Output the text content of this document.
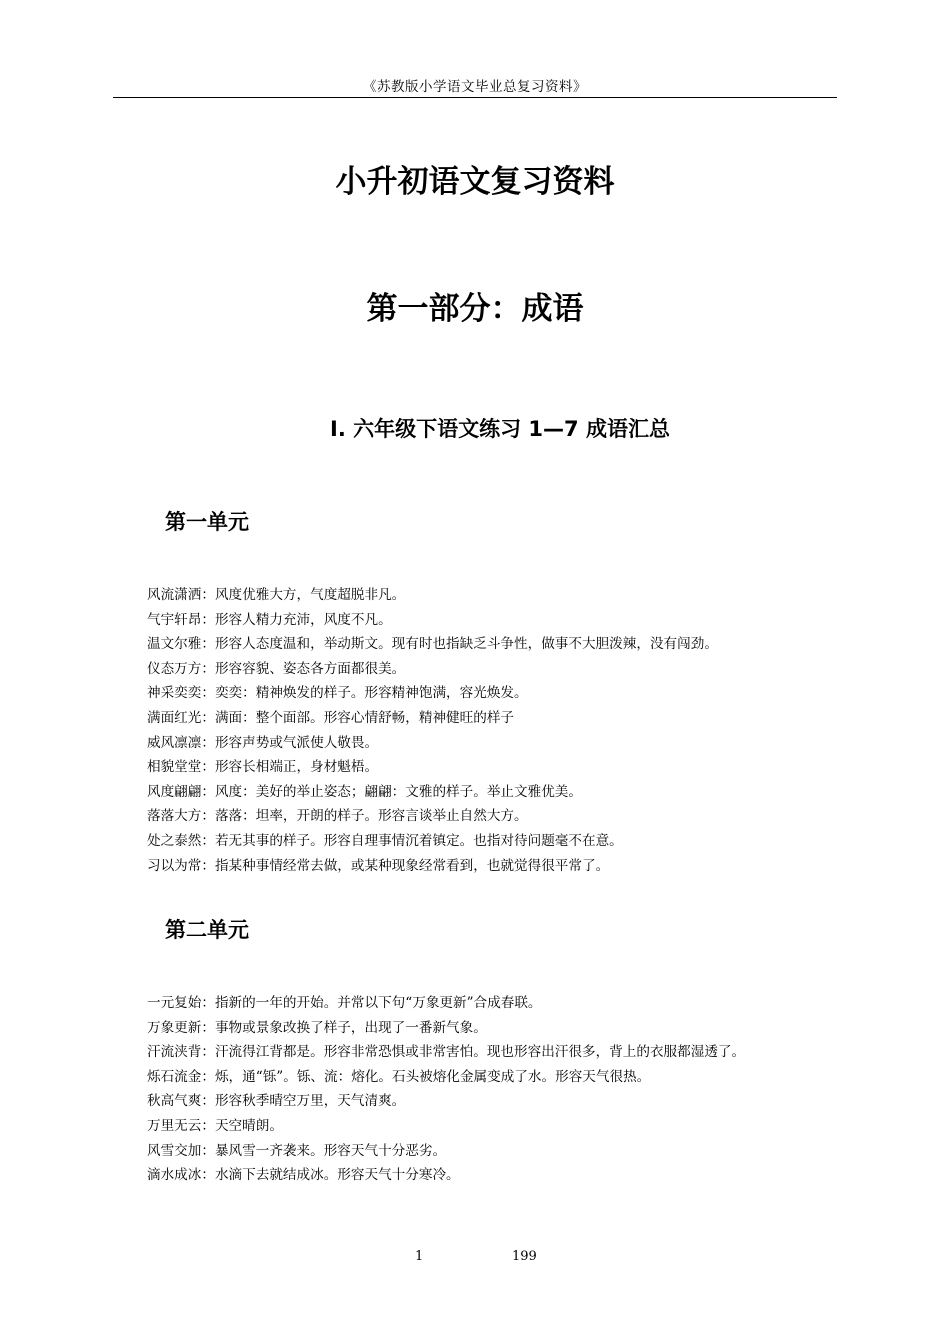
《苏教版小学语文毕业总复习资料》
小升初语文复习资料
第一部分：成语
I. 六年级下语文练习 1—7 成语汇总
第一单元

风流潇洒：风度优雅大方，气度超脱非凡。

气宇轩昂：形容人精力充沛，风度不凡。

温文尔雅：形容人态度温和，举动斯文。现有时也指缺乏斗争性，做事不大胆泼辣，没有闯劲。

仪态万方：形容容貌、姿态各方面都很美。

神采奕奕：奕奕：精神焕发的样子。形容精神饱满，容光焕发。

满面红光：满面：整个面部。形容心情舒畅，精神健旺的样子

威风凛凛：形容声势或气派使人敬畏。

相貌堂堂：形容长相端正，身材魁梧。

风度翩翩：风度：美好的举止姿态；翩翩：文雅的样子。举止文雅优美。

落落大方：落落：坦率，开朗的样子。形容言谈举止自然大方。

处之泰然：若无其事的样子。形容自理事情沉着镇定。也指对待问题毫不在意。

习以为常：指某种事情经常去做，或某种现象经常看到，也就觉得很平常了。

第二单元

一元复始：指新的一年的开始。并常以下句“万象更新”合成春联。

万象更新：事物或景象改换了样子，出现了一番新气象。

汗流浃背：汗流得江背都是。形容非常恐惧或非常害怕。现也形容出汗很多，背上的衣服都湿透了。

烁石流金：烁，通“铄”。铄、流：熔化。石头被熔化金属变成了水。形容天气很热。

秋高气爽：形容秋季晴空万里，天气清爽。

万里无云：天空晴朗。

风雪交加：暴风雪一齐袭来。形容天气十分恶劣。

滴水成冰：水滴下去就结成冰。形容天气十分寒冷。

1	199
